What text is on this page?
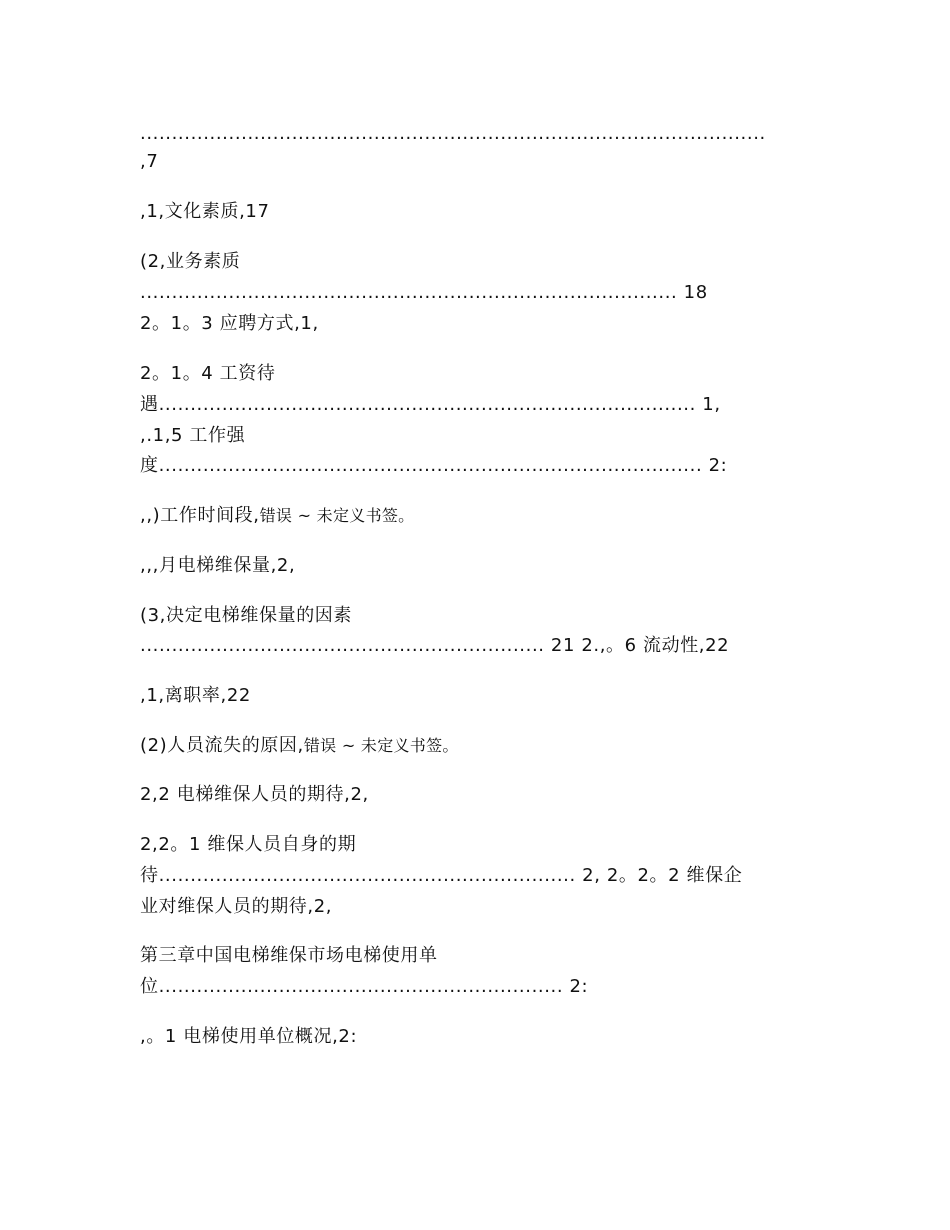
...................................................................................................
,7
,1,文化素质,17
(2,业务素质
..................................................................................... 18
2。1。3 应聘方式,1,
2。1。4 工资待
遇..................................................................................... 1,
,.1,5 工作强
度...................................................................................... 2:
,,)工作时间段,错误 ~ 未定义书签。
,,,月电梯维保量,2,
(3,决定电梯维保量的因素
................................................................ 21 2.,。6 流动性,22
,1,离职率,22
(2)人员流失的原因,错误 ~ 未定义书签。
2,2 电梯维保人员的期待,2,
2,2。1 维保人员自身的期
待.................................................................. 2, 2。2。2 维保企
业对维保人员的期待,2,
第三章中国电梯维保市场电梯使用单
位................................................................ 2:
,。1 电梯使用单位概况,2:
